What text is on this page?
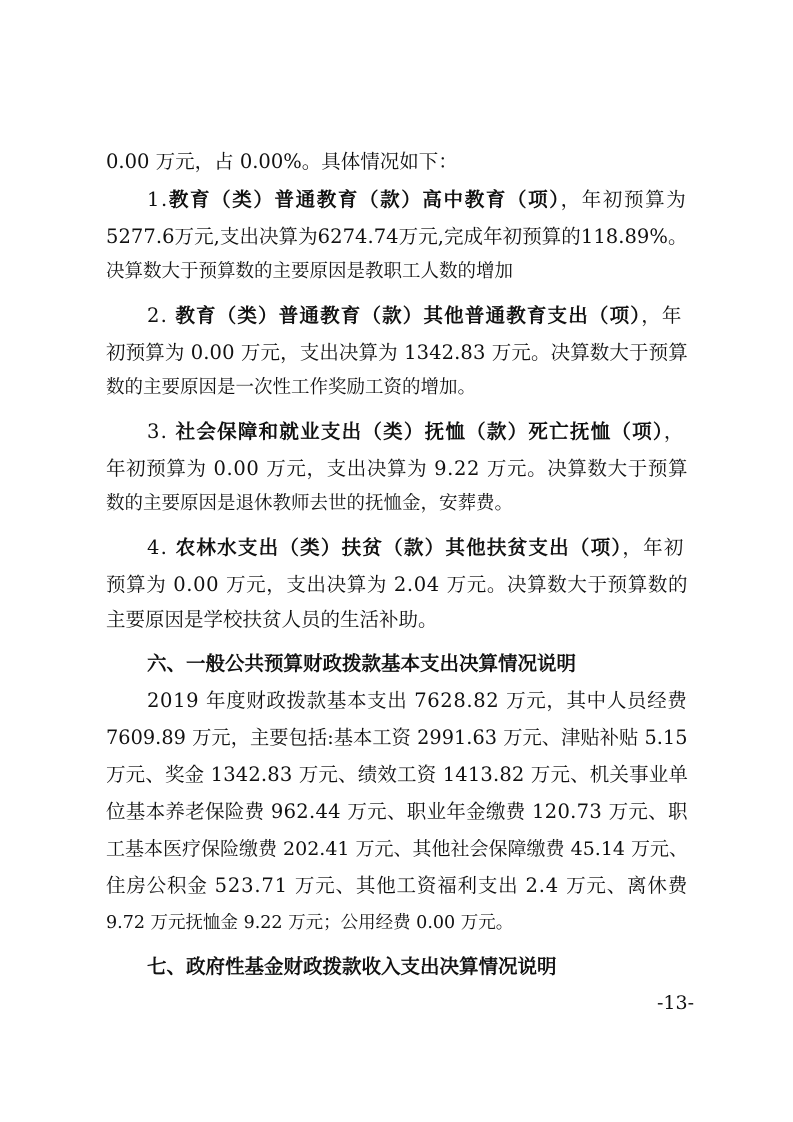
0.00 万元，占 0.00%。具体情况如下：
1.教育（类）普通教育（款）高中教育（项），年初预算为
5277.6万元,支出决算为6274.74万元,完成年初预算的118.89%。
决算数大于预算数的主要原因是教职工人数的增加
2. 教育（类）普通教育（款）其他普通教育支出（项），年
初预算为 0.00 万元，支出决算为 1342.83 万元。决算数大于预算
数的主要原因是一次性工作奖励工资的增加。
3. 社会保障和就业支出（类）抚恤（款）死亡抚恤（项），
年初预算为 0.00 万元，支出决算为 9.22 万元。决算数大于预算
数的主要原因是退休教师去世的抚恤金，安葬费。
4. 农林水支出（类）扶贫（款）其他扶贫支出（项），年初
预算为 0.00 万元，支出决算为 2.04 万元。决算数大于预算数的
主要原因是学校扶贫人员的生活补助。
六、一般公共预算财政拨款基本支出决算情况说明
2019 年度财政拨款基本支出 7628.82 万元，其中人员经费
7609.89 万元，主要包括:基本工资 2991.63 万元、津贴补贴 5.15
万元、奖金 1342.83 万元、绩效工资 1413.82 万元、机关事业单
位基本养老保险费 962.44 万元、职业年金缴费 120.73 万元、职
工基本医疗保险缴费 202.41 万元、其他社会保障缴费 45.14 万元、
住房公积金 523.71 万元、其他工资福利支出 2.4 万元、离休费
9.72 万元抚恤金 9.22 万元；公用经费 0.00 万元。
七、政府性基金财政拨款收入支出决算情况说明
-13-
